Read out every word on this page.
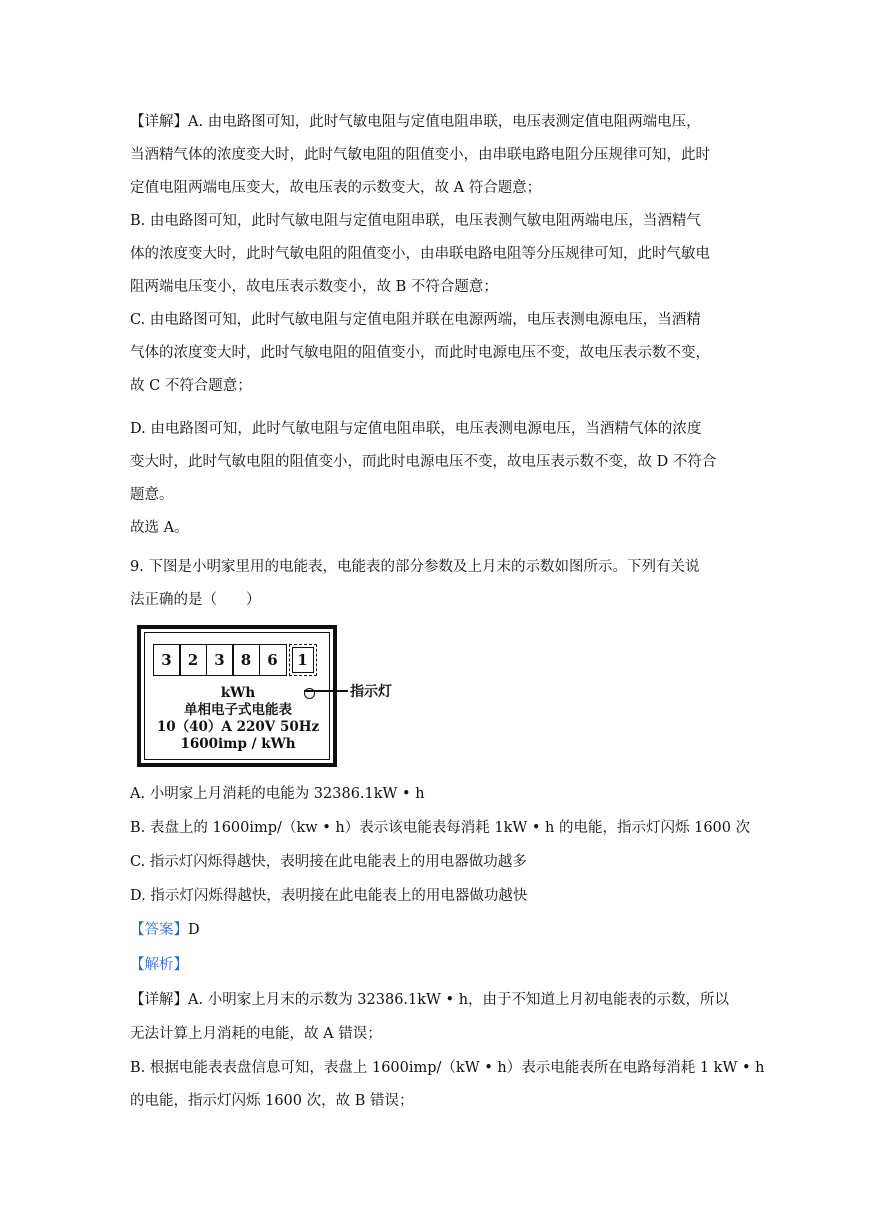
【详解】A. 由电路图可知，此时气敏电阻与定值电阻串联，电压表测定值电阻两端电压，
当酒精气体的浓度变大时，此时气敏电阻的阻值变小，由串联电路电阻分压规律可知，此时
定值电阻两端电压变大，故电压表的示数变大，故 A 符合题意；
B. 由电路图可知，此时气敏电阻与定值电阻串联，电压表测气敏电阻两端电压，当酒精气
体的浓度变大时，此时气敏电阻的阻值变小，由串联电路电阻等分压规律可知，此时气敏电
阻两端电压变小，故电压表示数变小，故 B 不符合题意；
C. 由电路图可知，此时气敏电阻与定值电阻并联在电源两端，电压表测电源电压，当酒精
气体的浓度变大时，此时气敏电阻的阻值变小，而此时电源电压不变，故电压表示数不变，
故 C 不符合题意；
D. 由电路图可知，此时气敏电阻与定值电阻串联，电压表测电源电压，当酒精气体的浓度
变大时，此时气敏电阻的阻值变小，而此时电源电压不变，故电压表示数不变，故 D 不符合
题意。
故选 A。
9. 下图是小明家里用的电能表，电能表的部分参数及上月末的示数如图所示。下列有关说
法正确的是（　　）
3	2	3	8	6	1
kWh
单相电子式电能表
10（40）A 220V 50Hz
1600imp / kWh
指示灯
A. 小明家上月消耗的电能为 32386.1kW • h
B. 表盘上的 1600imp/（kw • h）表示该电能表每消耗 1kW • h 的电能，指示灯闪烁 1600 次
C. 指示灯闪烁得越快，表明接在此电能表上的用电器做功越多
D. 指示灯闪烁得越快，表明接在此电能表上的用电器做功越快
【答案】D
【解析】
【详解】A. 小明家上月末的示数为 32386.1kW • h，由于不知道上月初电能表的示数，所以
无法计算上月消耗的电能，故 A 错误；
B. 根据电能表表盘信息可知，表盘上 1600imp/（kW • h）表示电能表所在电路每消耗 1 kW • h
的电能，指示灯闪烁 1600 次，故 B 错误；
